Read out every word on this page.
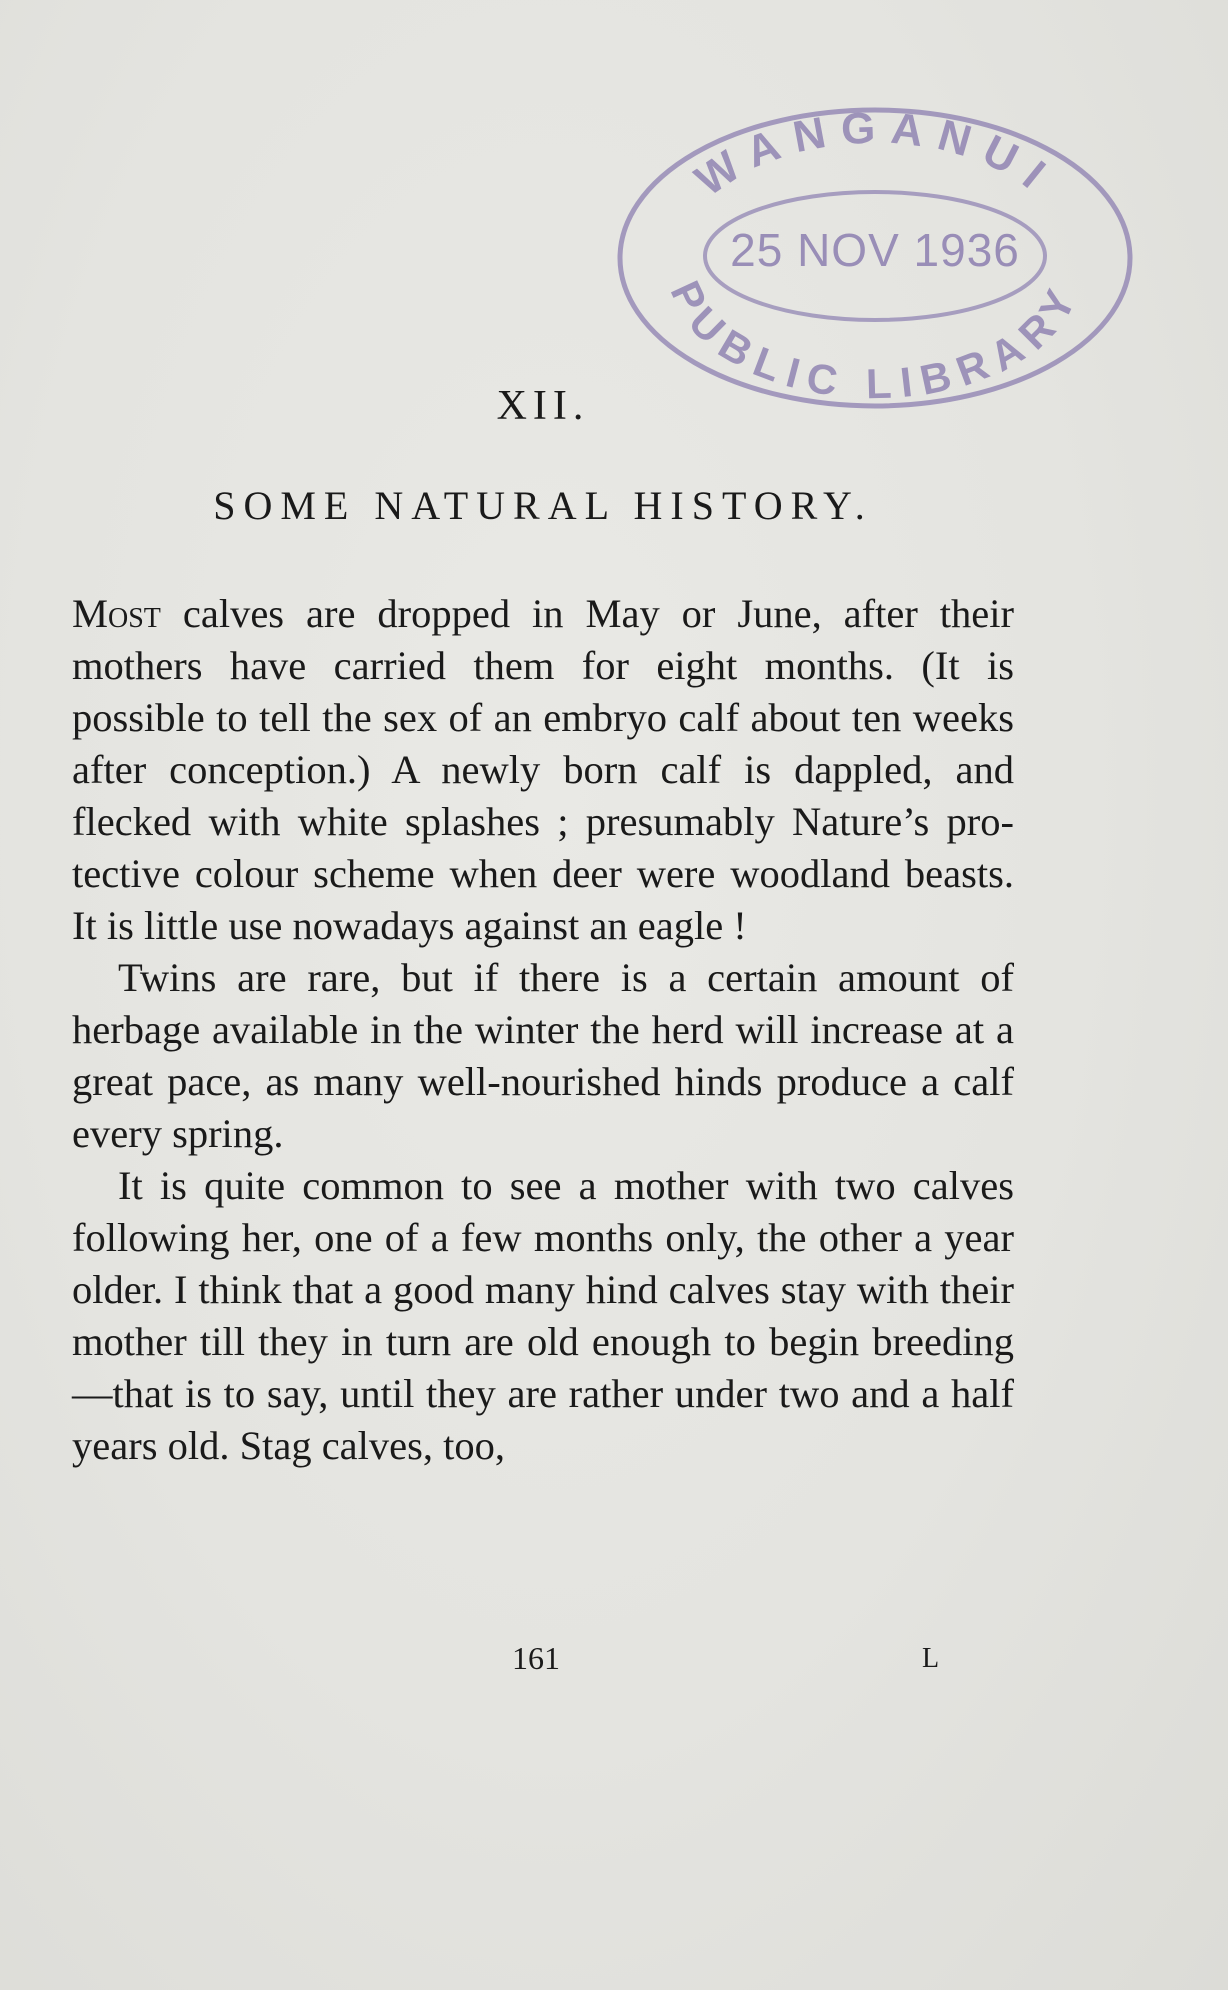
WANGANUI
PUBLIC LIBRARY
25 NOV 1936
XII.
SOME NATURAL HISTORY.

Most calves are dropped in May or June, after their mothers have carried them for eight months. (It is possible to tell the sex of an embryo calf about ten weeks after conception.) A newly born calf is dappled, and flecked with white splashes ; presumably Nature’s protective colour scheme when deer were woodland beasts. It is little use nowadays against an eagle !

Twins are rare, but if there is a certain amount of herbage available in the winter the herd will increase at a great pace, as many well-nourished hinds produce a calf every spring.

It is quite common to see a mother with two calves following her, one of a few months only, the other a year older. I think that a good many hind calves stay with their mother till they in turn are old enough to begin breeding —that is to say, until they are rather under two and a half years old. Stag calves, too,

161	L
